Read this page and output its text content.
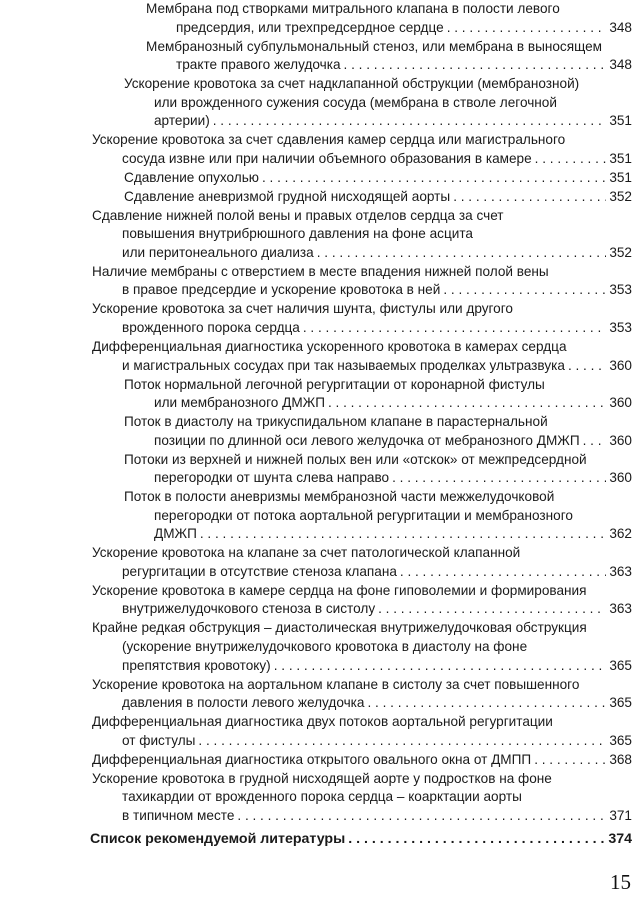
Мембрана под створками митрального клапана в полости левого
предсердия, или трехпредсердное сердце . . .	348
Мембранозный субпульмональный стеноз, или мембрана в выносящем
тракте правого желудочка . . .	348
Ускорение кровотока за счет надклапанной обструкции (мембранозной)
или врожденного сужения сосуда (мембрана в стволе легочной
артерии) . . .	351
Ускорение кровотока за счет сдавления камер сердца или магистрального
сосуда извне или при наличии объемного образования в камере . . .	351
Сдавление опухолью . . .	351
Сдавление аневризмой грудной нисходящей аорты . . .	352
Сдавление нижней полой вены и правых отделов сердца за счет
повышения внутрибрюшного давления на фоне асцита
или перитонеального диализа . . .	352
Наличие мембраны с отверстием в месте впадения нижней полой вены
в правое предсердие и ускорение кровотока в ней . . .	353
Ускорение кровотока за счет наличия шунта, фистулы или другого
врожденного порока сердца . . .	353
Дифференциальная диагностика ускоренного кровотока в камерах сердца
и магистральных сосудах при так называемых проделках ультразвука . . .	360
Поток нормальной легочной регургитации от коронарной фистулы
или мембранозного ДМЖП . . .	360
Поток в диастолу на трикуспидальном клапане в парастернальной
позиции по длинной оси левого желудочка от мебранозного ДМЖП . . . 360
Потоки из верхней и нижней полых вен или «отскок» от межпредсердной
перегородки от шунта слева направо . . .	360
Поток в полости аневризмы мембранозной части межжелудочковой
перегородки от потока аортальной регургитации и мембранозного
ДМЖП . . .	362
Ускорение кровотока на клапане за счет патологической клапанной
регургитации в отсутствие стеноза клапана . . .	363
Ускорение кровотока в камере сердца на фоне гиповолемии и формирования
внутрижелудочкового стеноза в систолу . . .	363
Крайне редкая обструкция – диастолическая внутрижелудочковая обструкция
(ускорение внутрижелудочкового кровотока в диастолу на фоне
препятствия кровотоку) . . .	365
Ускорение кровотока на аортальном клапане в систолу за счет повышенного
давления в полости левого желудочка . . .	365
Дифференциальная диагностика двух потоков аортальной регургитации
от фистулы . . .	365
Дифференциальная диагностика открытого овального окна от ДМПП . . .	368
Ускорение кровотока в грудной нисходящей аорте у подростков на фоне
тахикардии от врожденного порока сердца – коарктации аорты
в типичном месте . . .	371
Список рекомендуемой литературы . . .	374
15
